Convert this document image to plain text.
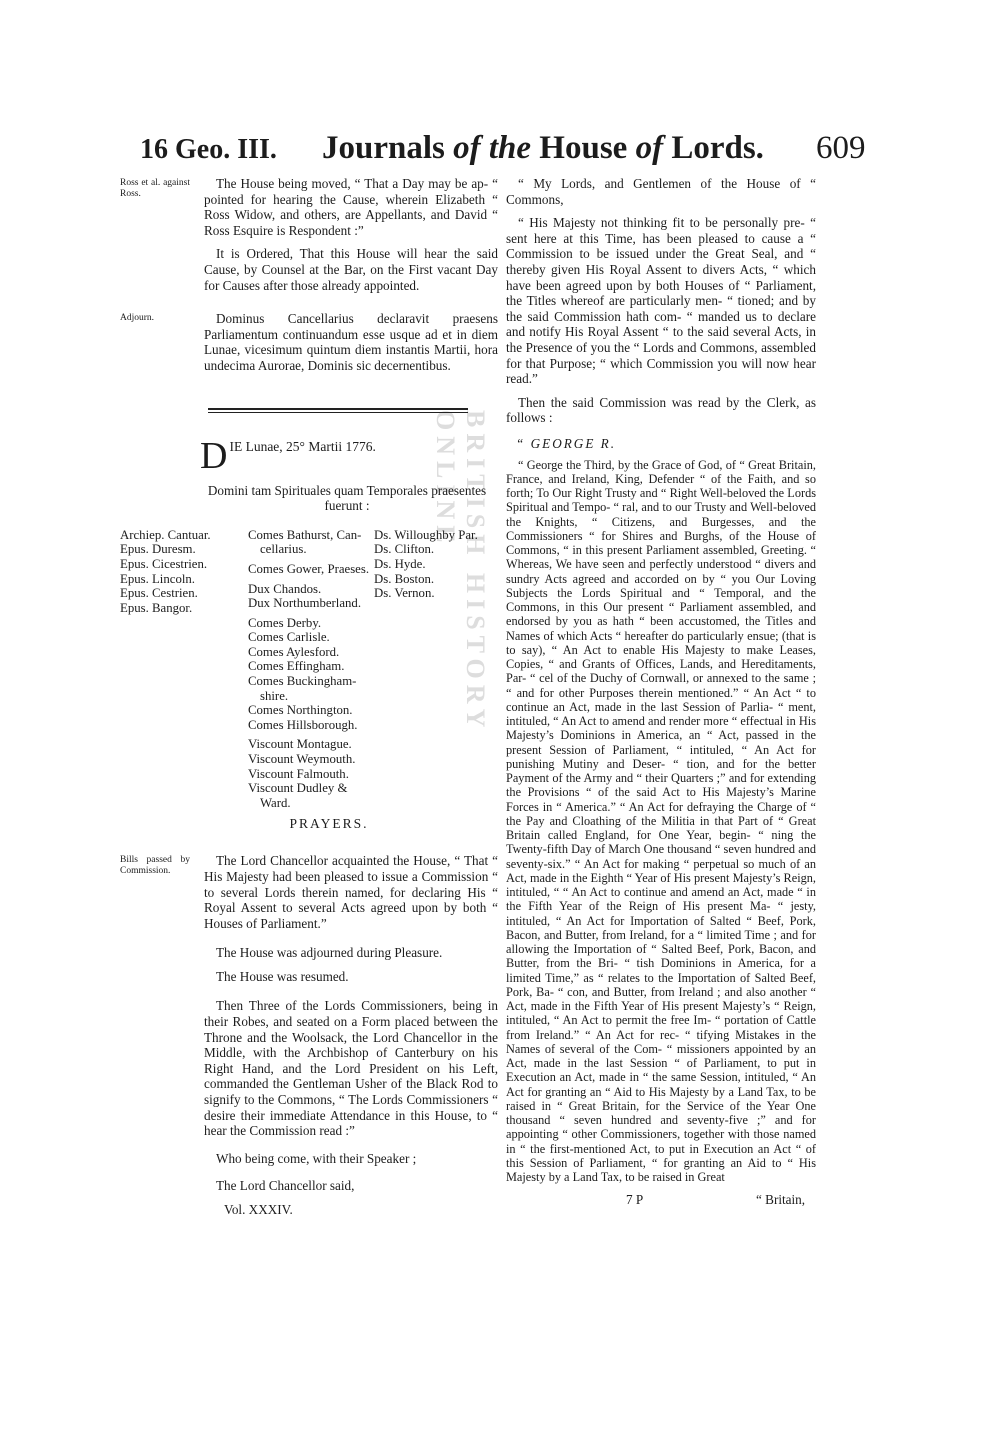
16 Geo. III. Journals of the House of Lords. 609
BRITISH HISTORY ONLINE
Ross et al. against Ross.

The House being moved, “ That a Day may be ap- “ pointed for hearing the Cause, wherein Elizabeth “ Ross Widow, and others, are Appellants, and David “ Ross Esquire is Respondent :”

It is Ordered, That this House will hear the said Cause, by Counsel at the Bar, on the First vacant Day for Causes after those already appointed.

Adjourn.	Dominus Cancellarius declaravit praesens Parliamentum continuandum esse usque ad et in diem Lunae, vicesimum quintum diem instantis Martii, hora undecima Aurorae, Dominis sic decernentibus.

DIE Lunae, 25° Martii 1776.
Domini tam Spirituales quam Temporales praesentes fuerunt :
Archiep. Cantuar.
Epus. Duresm.
Epus. Cicestrien.
Epus. Lincoln.
Epus. Cestrien.
Epus. Bangor.
Comes Bathurst, Can-
cellarius.
Comes Gower, Praeses.
Dux Chandos.
Dux Northumberland.
Comes Derby.
Comes Carlisle.
Comes Aylesford.
Comes Effingham.
Comes Buckingham-
shire.
Comes Northington.
Comes Hillsborough.
Viscount Montague.
Viscount Weymouth.
Viscount Falmouth.
Viscount Dudley &
Ward.
Ds. Willoughby Par.
Ds. Clifton.
Ds. Hyde.
Ds. Boston.
Ds. Vernon.
PRAYERS.
Bills passed by Commission.

The Lord Chancellor acquainted the House, “ That “ His Majesty had been pleased to issue a Commission “ to several Lords therein named, for declaring His “ Royal Assent to several Acts agreed upon by both “ Houses of Parliament.”

The House was adjourned during Pleasure.

The House was resumed.

Then Three of the Lords Commissioners, being in their Robes, and seated on a Form placed between the Throne and the Woolsack, the Lord Chancellor in the Middle, with the Archbishop of Canterbury on his Right Hand, and the Lord President on his Left, commanded the Gentleman Usher of the Black Rod to signify to the Commons, “ The Lords Commissioners “ desire their immediate Attendance in this House, to “ hear the Commission read :”

Who being come, with their Speaker ;

The Lord Chancellor said,

Vol. XXXIV.

“ My Lords, and Gentlemen of the House of “ Commons,

“ His Majesty not thinking fit to be personally pre- “ sent here at this Time, has been pleased to cause a “ Commission to be issued under the Great Seal, and “ thereby given His Royal Assent to divers Acts, “ which have been agreed upon by both Houses of “ Parliament, the Titles whereof are particularly men- “ tioned; and by the said Commission hath com- “ manded us to declare and notify His Royal Assent “ to the said several Acts, in the Presence of you the “ Lords and Commons, assembled for that Purpose; “ which Commission you will now hear read.”

Then the said Commission was read by the Clerk, as follows :

“ GEORGE R.

“ George the Third, by the Grace of God, of “ Great Britain, France, and Ireland, King, Defender “ of the Faith, and so forth; To Our Right Trusty and “ Right Well-beloved the Lords Spiritual and Tempo- “ ral, and to our Trusty and Well-beloved the Knights, “ Citizens, and Burgesses, and the Commissioners “ for Shires and Burghs, of the House of Commons, “ in this present Parliament assembled, Greeting. “ Whereas, We have seen and perfectly understood “ divers and sundry Acts agreed and accorded on by “ you Our Loving Subjects the Lords Spiritual and “ Temporal, and the Commons, in this Our present “ Parliament assembled, and endorsed by you as hath “ been accustomed, the Titles and Names of which Acts “ hereafter do particularly ensue; (that is to say), “ An Act to enable His Majesty to make Leases, Copies, “ and Grants of Offices, Lands, and Hereditaments, Par- “ cel of the Duchy of Cornwall, or annexed to the same ; “ and for other Purposes therein mentioned.” “ An Act “ to continue an Act, made in the last Session of Parlia- “ ment, intituled, “ An Act to amend and render more “ effectual in His Majesty’s Dominions in America, an “ Act, passed in the present Session of Parliament, “ intituled, “ An Act for punishing Mutiny and Deser- “ tion, and for the better Payment of the Army and “ their Quarters ;” and for extending the Provisions “ of the said Act to His Majesty’s Marine Forces in “ America.” “ An Act for defraying the Charge of “ the Pay and Cloathing of the Militia in that Part of “ Great Britain called England, for One Year, begin- “ ning the Twenty-fifth Day of March One thousand “ seven hundred and seventy-six.” “ An Act for making “ perpetual so much of an Act, made in the Eighth “ Year of His present Majesty’s Reign, intituled, “ “ An Act to continue and amend an Act, made “ in the Fifth Year of the Reign of His present Ma- “ jesty, intituled, “ An Act for Importation of Salted “ Beef, Pork, Bacon, and Butter, from Ireland, for a “ limited Time ; and for allowing the Importation of “ Salted Beef, Pork, Bacon, and Butter, from the Bri- “ tish Dominions in America, for a limited Time,” as “ relates to the Importation of Salted Beef, Pork, Ba- “ con, and Butter, from Ireland ; and also another “ Act, made in the Fifth Year of His present Majesty’s “ Reign, intituled, “ An Act to permit the free Im- “ portation of Cattle from Ireland.” “ An Act for rec- “ tifying Mistakes in the Names of several of the Com- “ missioners appointed by an Act, made in the last Session “ of Parliament, to put in Execution an Act, made in “ the same Session, intituled, “ An Act for granting an “ Aid to His Majesty by a Land Tax, to be raised in “ Great Britain, for the Service of the Year One thousand “ seven hundred and seventy-five ;” and for appointing “ other Commissioners, together with those named in “ the first-mentioned Act, to put in Execution an Act “ of this Session of Parliament, “ for granting an Aid to “ His Majesty by a Land Tax, to be raised in Great

7 P	“ Britain,
